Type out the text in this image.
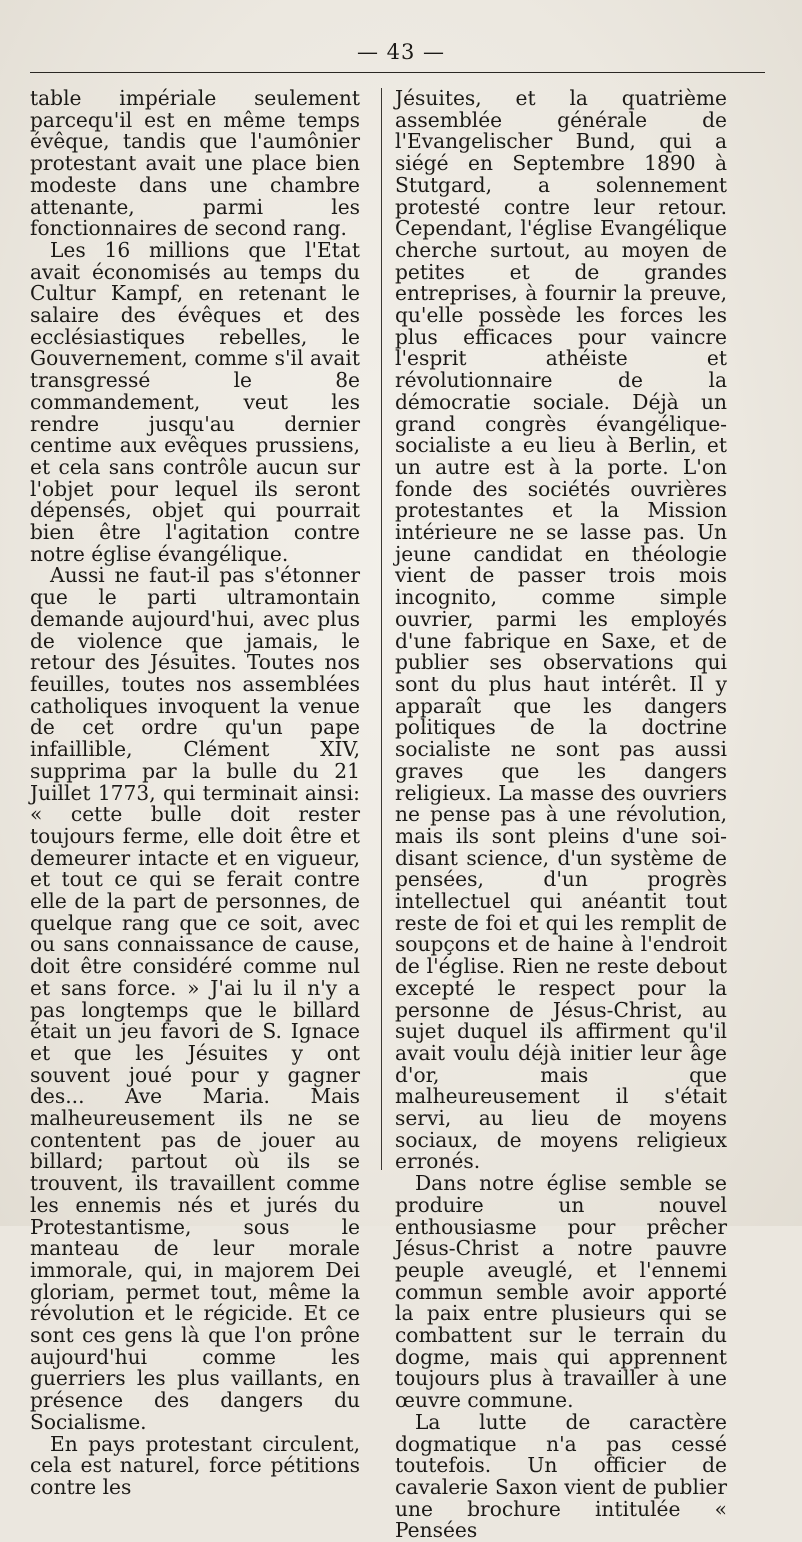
— 43 —

table impériale seulement parcequ'il est en même temps évêque, tandis que l'aumônier protestant avait une place bien modeste dans une chambre attenante, parmi les fonctionnaires de second rang.

Les 16 millions que l'Etat avait économisés au temps du Cultur Kampf, en retenant le salaire des évêques et des ecclésiastiques rebelles, le Gouvernement, comme s'il avait transgressé le 8e commandement, veut les rendre jusqu'au dernier centime aux evêques prussiens, et cela sans contrôle aucun sur l'objet pour lequel ils seront dépensés, objet qui pourrait bien être l'agitation contre notre église évangélique.

Aussi ne faut-il pas s'étonner que le parti ultramontain demande aujourd'hui, avec plus de violence que jamais, le retour des Jésuites. Toutes nos feuilles, toutes nos assemblées catholiques invoquent la venue de cet ordre qu'un pape infaillible, Clément XIV, supprima par la bulle du 21 Juillet 1773, qui terminait ainsi: « cette bulle doit rester toujours ferme, elle doit être et demeurer intacte et en vigueur, et tout ce qui se ferait contre elle de la part de personnes, de quelque rang que ce soit, avec ou sans connaissance de cause, doit être considéré comme nul et sans force. » J'ai lu il n'y a pas longtemps que le billard était un jeu favori de S. Ignace et que les Jésuites y ont souvent joué pour y gagner des... Ave Maria. Mais malheureusement ils ne se contentent pas de jouer au billard; partout où ils se trouvent, ils travaillent comme les ennemis nés et jurés du Protestantisme, sous le manteau de leur morale immorale, qui, in majorem Dei gloriam, permet tout, même la révolution et le régicide. Et ce sont ces gens là que l'on prône aujourd'hui comme les guerriers les plus vaillants, en présence des dangers du Socialisme.

En pays protestant circulent, cela est naturel, force pétitions contre les

Jésuites, et la quatrième assemblée générale de l'Evangelischer Bund, qui a siégé en Septembre 1890 à Stutgard, a solennement protesté contre leur retour. Cependant, l'église Evangélique cherche surtout, au moyen de petites et de grandes entreprises, à fournir la preuve, qu'elle possède les forces les plus efficaces pour vaincre l'esprit athéiste et révolutionnaire de la démocratie sociale. Déjà un grand congrès évangélique-socialiste a eu lieu à Berlin, et un autre est à la porte. L'on fonde des sociétés ouvrières protestantes et la Mission intérieure ne se lasse pas. Un jeune candidat en théologie vient de passer trois mois incognito, comme simple ouvrier, parmi les employés d'une fabrique en Saxe, et de publier ses observations qui sont du plus haut intérêt. Il y apparaît que les dangers politiques de la doctrine socialiste ne sont pas aussi graves que les dangers religieux. La masse des ouvriers ne pense pas à une révolution, mais ils sont pleins d'une soi-disant science, d'un système de pensées, d'un progrès intellectuel qui anéantit tout reste de foi et qui les remplit de soupçons et de haine à l'endroit de l'église. Rien ne reste debout excepté le respect pour la personne de Jésus-Christ, au sujet duquel ils affirment qu'il avait voulu déjà initier leur âge d'or, mais que malheureusement il s'était servi, au lieu de moyens sociaux, de moyens religieux erronés.

Dans notre église semble se produire un nouvel enthousiasme pour prêcher Jésus-Christ a notre pauvre peuple aveuglé, et l'ennemi commun semble avoir apporté la paix entre plusieurs qui se combattent sur le terrain du dogme, mais qui apprennent toujours plus à travailler à une œuvre commune.

La lutte de caractère dogmatique n'a pas cessé toutefois. Un officier de cavalerie Saxon vient de publier une brochure intitulée « Pensées
